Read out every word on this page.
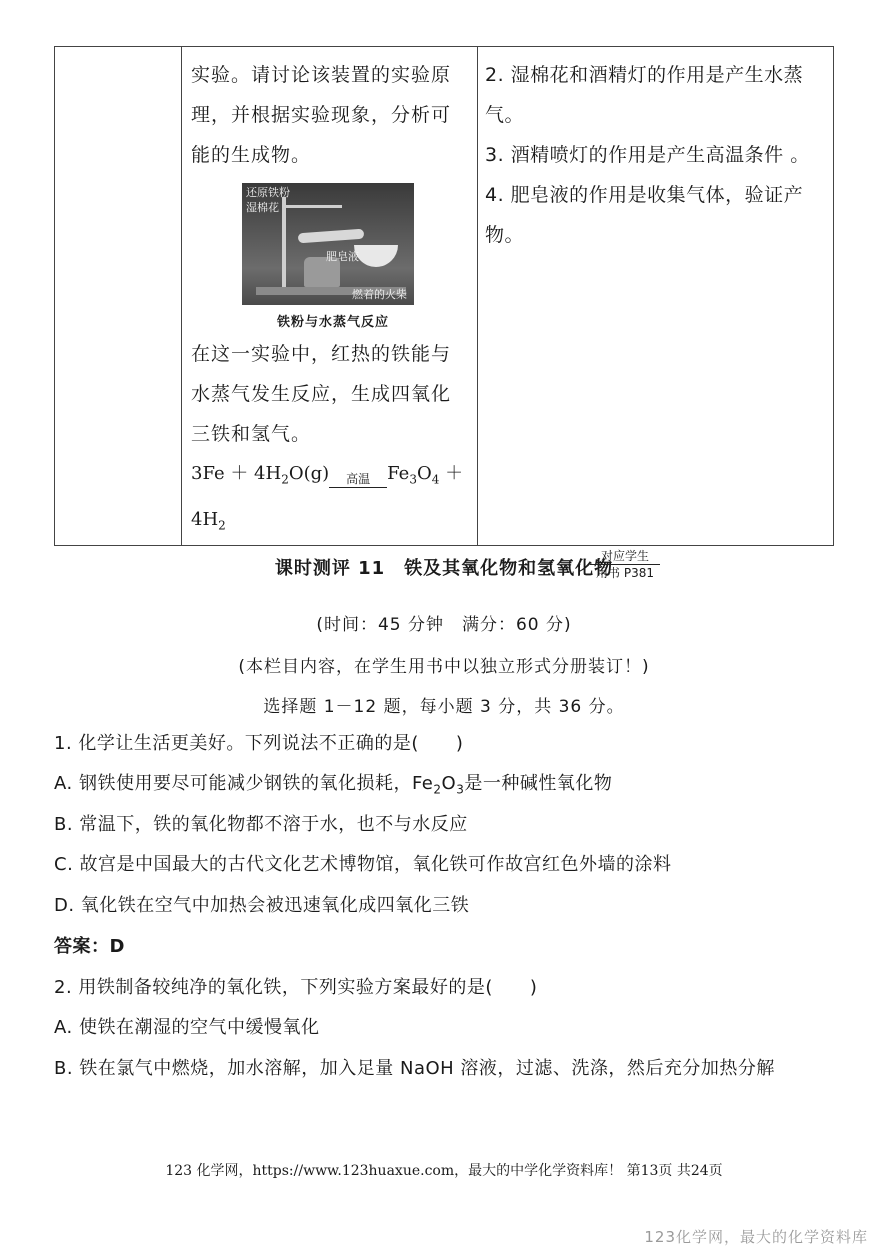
实验。请讨论该装置的实验原

理，并根据实验现象，分析可

能的生成物。

还原铁粉
湿棉花
肥皂液
燃着的火柴

铁粉与水蒸气反应

在这一实验中，红热的铁能与

水蒸气发生反应，生成四氧化

三铁和氢气。

$3Fe + 4H_2O(g)$	高温 $Fe_3O_4$ ＋

$4H_2$

2. 湿棉花和酒精灯的作用是产生水蒸

气。

3. 酒精喷灯的作用是产生高温条件 。

4. 肥皂液的作用是收集气体，验证产

物。

课时测评 11　铁及其氧化物和氢氧化物
对应学生
用书 P381
(时间：45 分钟　满分：60 分)
(本栏目内容，在学生用书中以独立形式分册装订！)
选择题 1－12 题，每小题 3 分，共 36 分。
1. 化学让生活更美好。下列说法不正确的是(　　)
A. 钢铁使用要尽可能减少钢铁的氧化损耗，$Fe_2O_3$是一种碱性氧化物
B. 常温下，铁的氧化物都不溶于水，也不与水反应
C. 故宫是中国最大的古代文化艺术博物馆，氧化铁可作故宫红色外墙的涂料
D. 氧化铁在空气中加热会被迅速氧化成四氧化三铁
答案：D
2. 用铁制备较纯净的氧化铁，下列实验方案最好的是(　　)
A. 使铁在潮湿的空气中缓慢氧化
B. 铁在氯气中燃烧，加水溶解，加入足量 NaOH 溶液，过滤、洗涤，然后充分加热分解
123 化学网，https://www.123huaxue.com，最大的中学化学资料库！ 第13页 共24页
123化学网，最大的化学资料库
